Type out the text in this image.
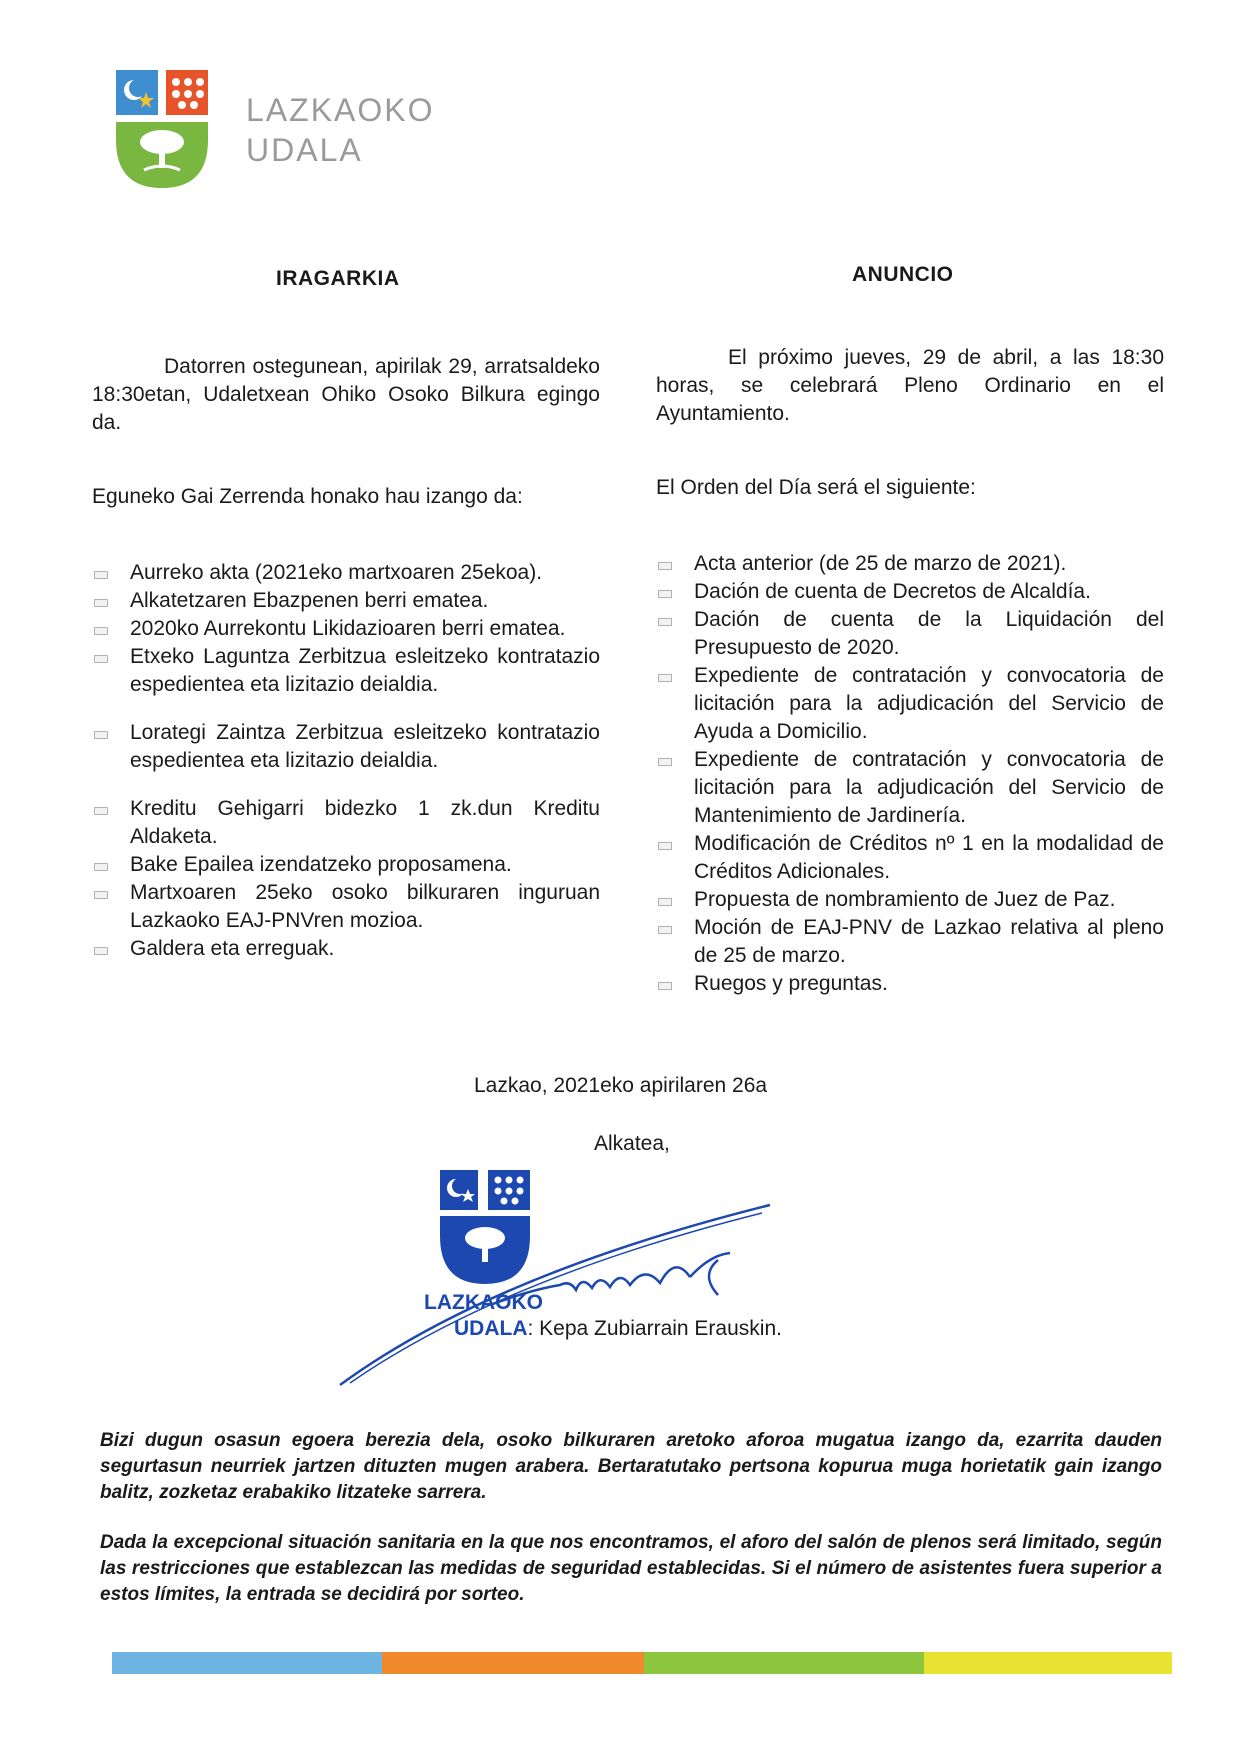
LAZKAOKO
UDALA
IRAGARKIA	ANUNCIO

Datorren ostegunean, apirilak 29, arratsaldeko 18:30etan, Udaletxean Ohiko Osoko Bilkura egingo da.

Eguneko Gai Zerrenda honako hau izango da:

Aurreko akta (2021eko martxoaren 25ekoa).
Alkatetzaren Ebazpenen berri ematea.
2020ko Aurrekontu Likidazioaren berri ematea.
Etxeko Laguntza Zerbitzua esleitzeko kontratazio espedientea eta lizitazio deialdia.
Lorategi Zaintza Zerbitzua esleitzeko kontratazio espedientea eta lizitazio deialdia.
Kreditu Gehigarri bidezko 1 zk.dun Kreditu Aldaketa.
Bake Epailea izendatzeko proposamena.
Martxoaren 25eko osoko bilkuraren inguruan Lazkaoko EAJ-PNVren mozioa.
Galdera eta erreguak.

El próximo jueves, 29 de abril, a las 18:30 horas, se celebrará Pleno Ordinario en el Ayuntamiento.

El Orden del Día será el siguiente:

Acta anterior (de 25 de marzo de 2021).
Dación de cuenta de Decretos de Alcaldía.
Dación de cuenta de la Liquidación del Presupuesto de 2020.
Expediente de contratación y convocatoria de licitación para la adjudicación del Servicio de Ayuda a Domicilio.
Expediente de contratación y convocatoria de licitación para la adjudicación del Servicio de Mantenimiento de Jardinería.
Modificación de Créditos nº 1 en la modalidad de Créditos Adicionales.
Propuesta de nombramiento de Juez de Paz.
Moción de EAJ-PNV de Lazkao relativa al pleno de 25 de marzo.
Ruegos y preguntas.
Lazkao, 2021eko apirilaren 26a
Alkatea,
LAZKAOKO
UDALA: Kepa Zubiarrain Erauskin.
Bizi dugun osasun egoera berezia dela, osoko bilkuraren aretoko aforoa mugatua izango da, ezarrita dauden segurtasun neurriek jartzen dituzten mugen arabera. Bertaratutako pertsona kopurua muga horietatik gain izango balitz, zozketaz erabakiko litzateke sarrera.
Dada la excepcional situación sanitaria en la que nos encontramos, el aforo del salón de plenos será limitado, según las restricciones que establezcan las medidas de seguridad establecidas. Si el número de asistentes fuera superior a estos límites, la entrada se decidirá por sorteo.
